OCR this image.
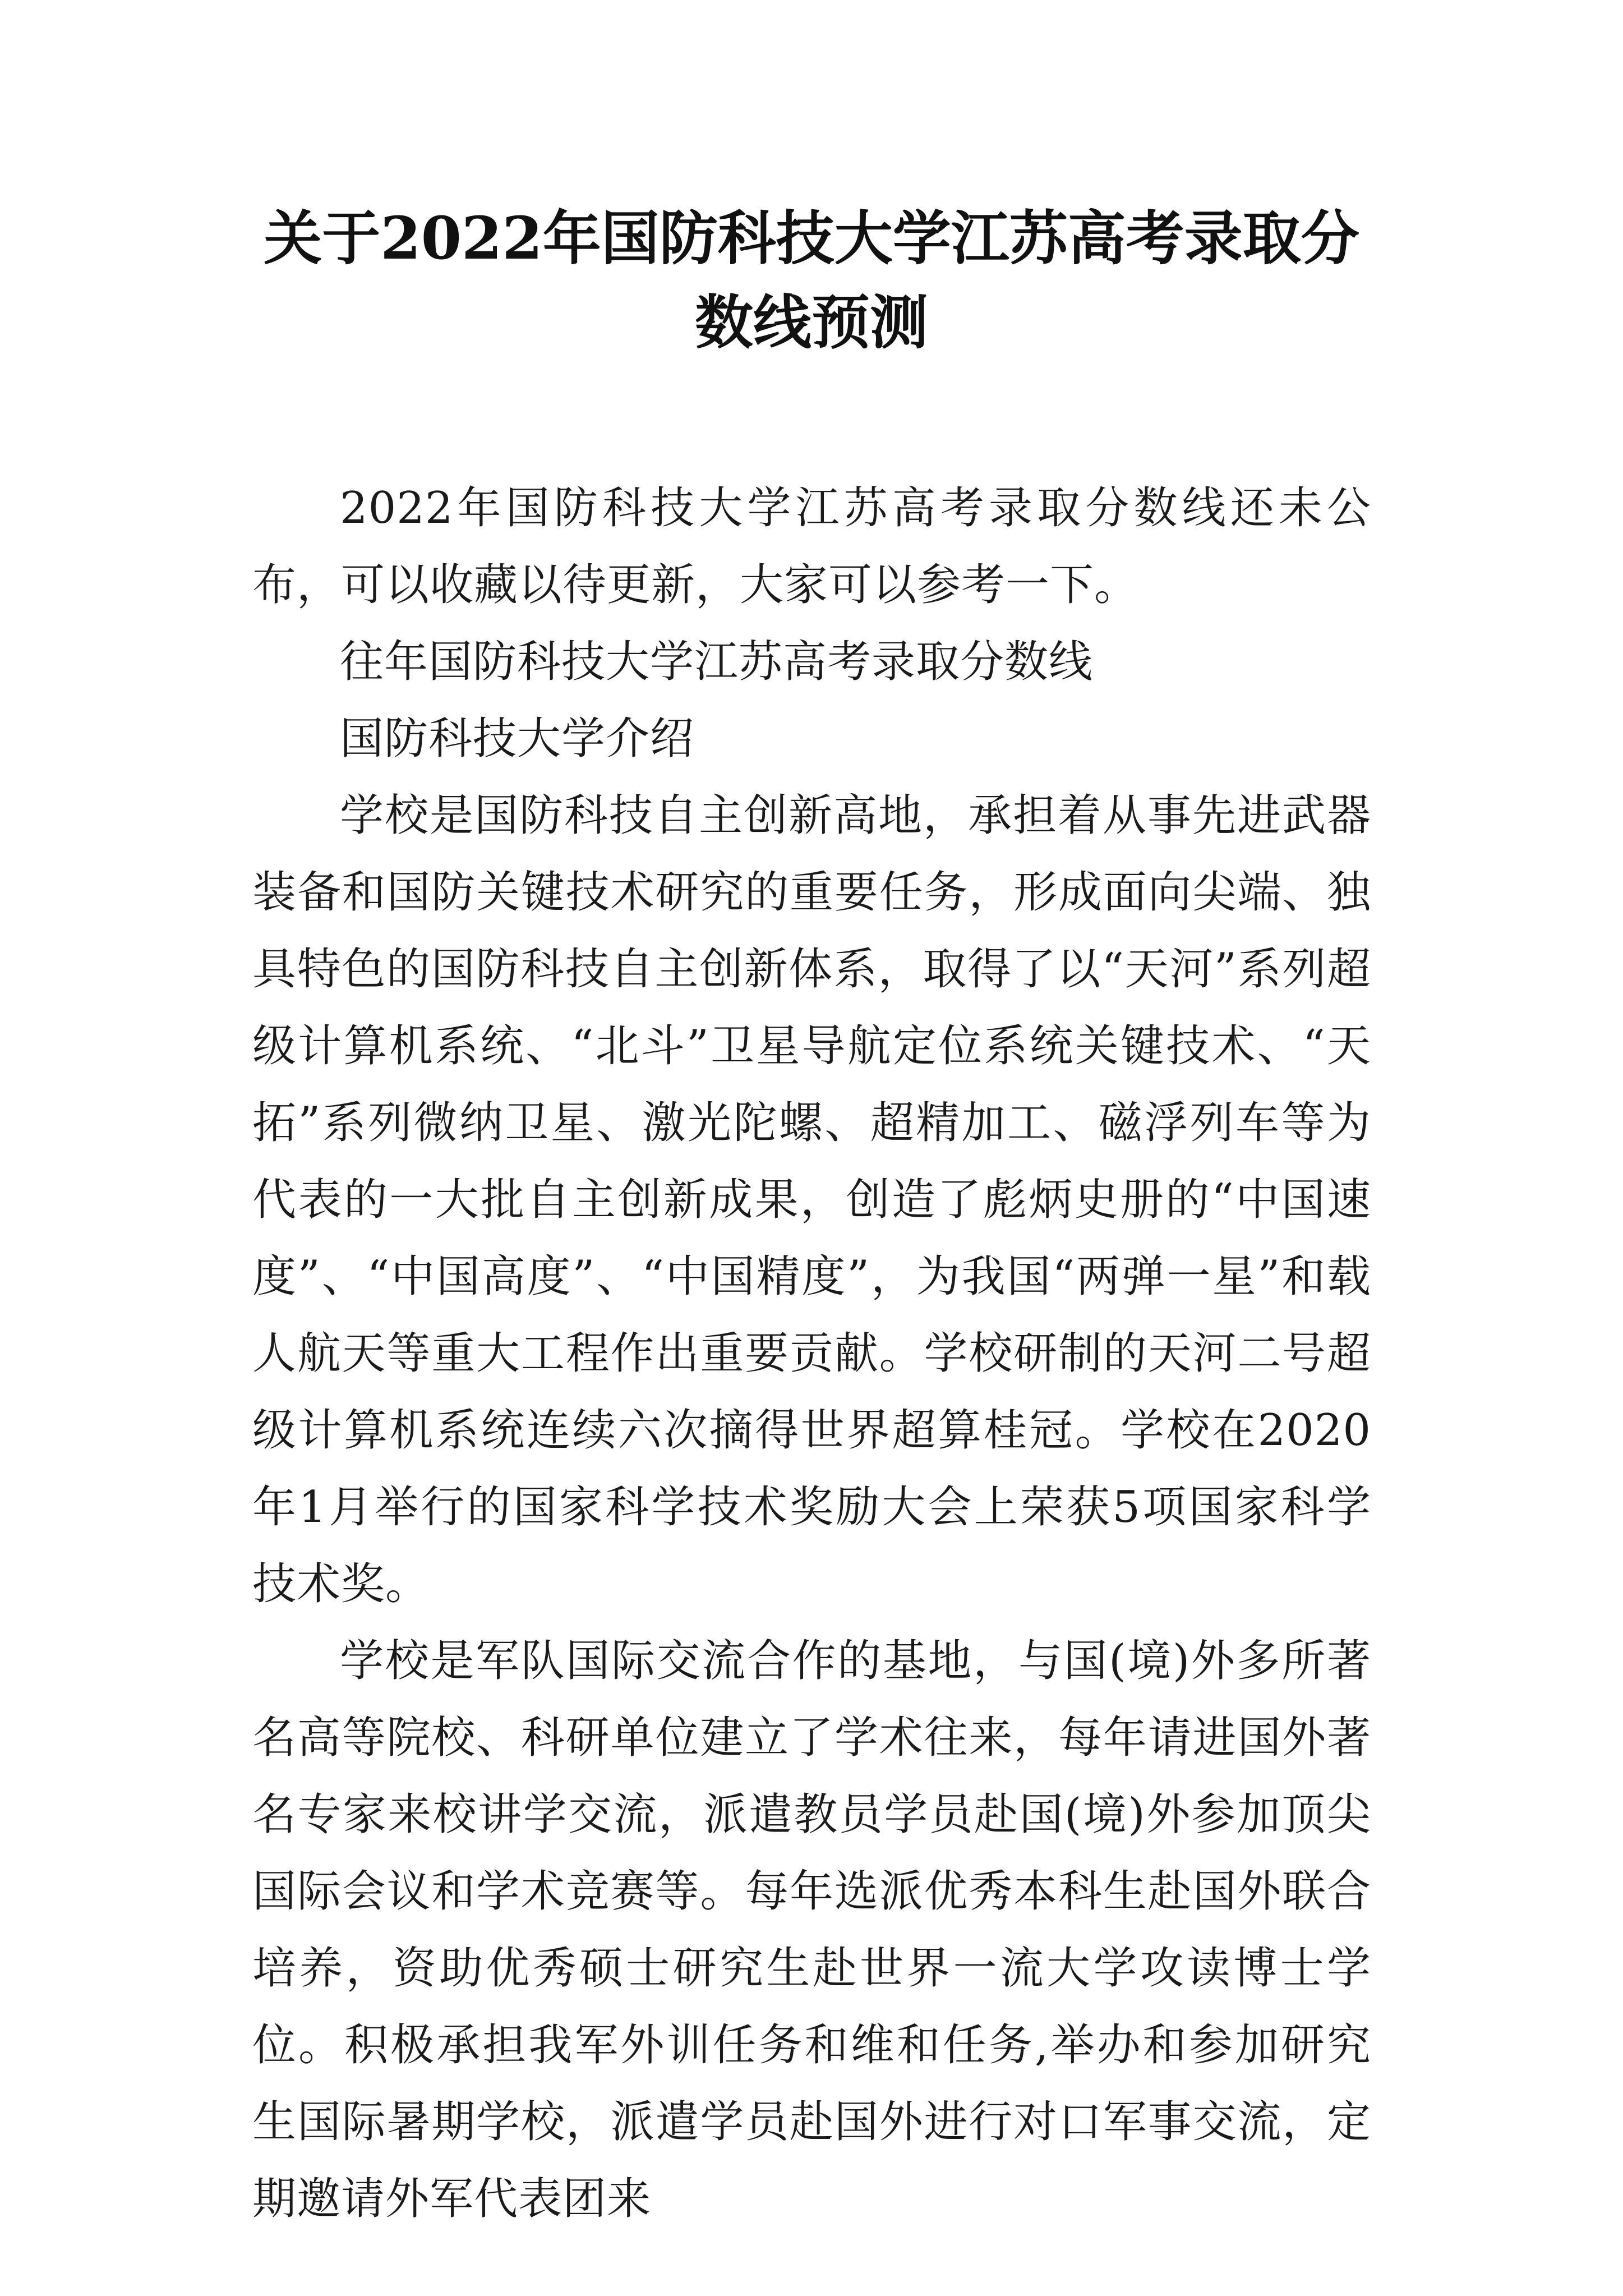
关于2022年国防科技大学江苏高考录取分数线预测

2022年国防科技大学江苏高考录取分数线还未公布，可以收藏以待更新，大家可以参考一下。

往年国防科技大学江苏高考录取分数线

国防科技大学介绍

学校是国防科技自主创新高地，承担着从事先进武器装备和国防关键技术研究的重要任务，形成面向尖端、独具特色的国防科技自主创新体系，取得了以“天河”系列超级计算机系统、“北斗”卫星导航定位系统关键技术、“天拓”系列微纳卫星、激光陀螺、超精加工、磁浮列车等为代表的一大批自主创新成果，创造了彪炳史册的“中国速度”、“中国高度”、“中国精度”，为我国“两弹一星”和载人航天等重大工程作出重要贡献。学校研制的天河二号超级计算机系统连续六次摘得世界超算桂冠。学校在2020年1月举行的国家科学技术奖励大会上荣获5项国家科学技术奖。

学校是军队国际交流合作的基地，与国(境)外多所著名高等院校、科研单位建立了学术往来，每年请进国外著名专家来校讲学交流，派遣教员学员赴国(境)外参加顶尖国际会议和学术竞赛等。每年选派优秀本科生赴国外联合培养，资助优秀硕士研究生赴世界一流大学攻读博士学位。积极承担我军外训任务和维和任务,举办和参加研究生国际暑期学校，派遣学员赴国外进行对口军事交流，定期邀请外军代表团来
